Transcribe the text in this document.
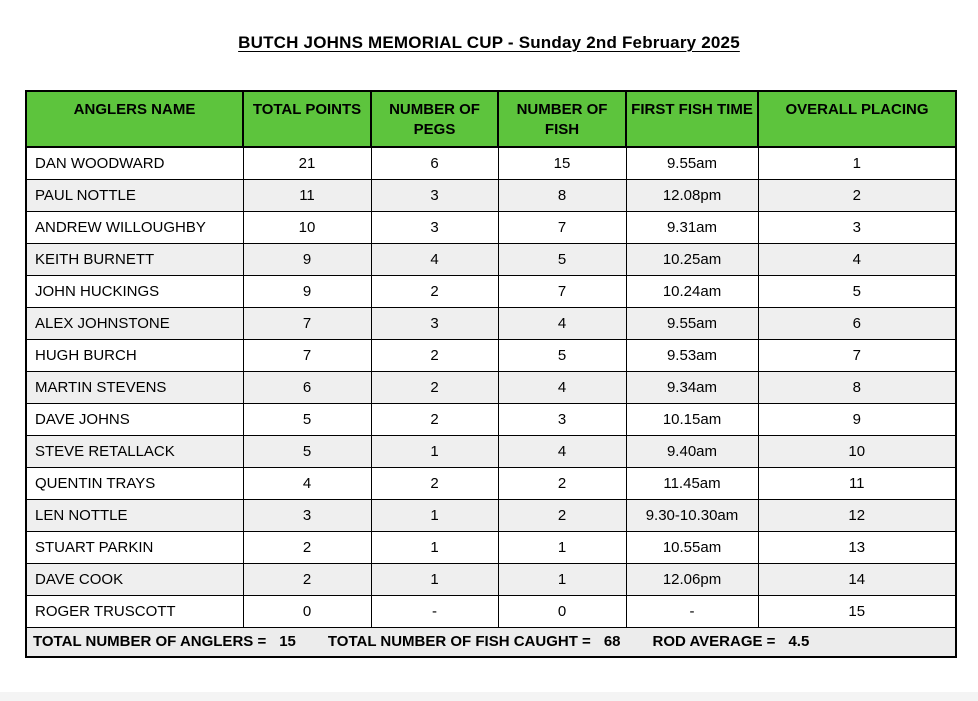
BUTCH JOHNS MEMORIAL CUP - Sunday 2nd February 2025
ANGLERS NAME	TOTAL POINTS	NUMBER OF PEGS	NUMBER OF FISH	FIRST FISH TIME	OVERALL PLACING
DAN WOODWARD	21	6	15	9.55am	1
PAUL NOTTLE	11	3	8	12.08pm	2
ANDREW WILLOUGHBY	10	3	7	9.31am	3
KEITH BURNETT	9	4	5	10.25am	4
JOHN HUCKINGS	9	2	7	10.24am	5
ALEX JOHNSTONE	7	3	4	9.55am	6
HUGH BURCH	7	2	5	9.53am	7
MARTIN STEVENS	6	2	4	9.34am	8
DAVE JOHNS	5	2	3	10.15am	9
STEVE RETALLACK	5	1	4	9.40am	10
QUENTIN TRAYS	4	2	2	11.45am	11
LEN NOTTLE	3	1	2	9.30-10.30am	12
STUART PARKIN	2	1	1	10.55am	13
DAVE COOK	2	1	1	12.06pm	14
ROGER TRUSCOTT	0	-	0	-	15

TOTAL NUMBER OF ANGLERS = 15 TOTAL NUMBER OF FISH CAUGHT = 68 ROD AVERAGE = 4.5
